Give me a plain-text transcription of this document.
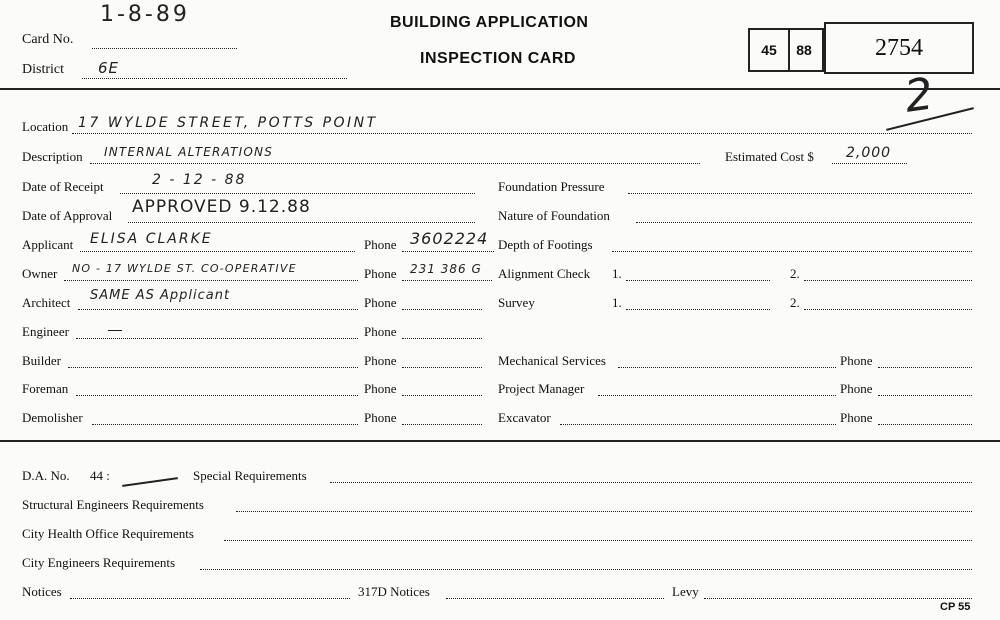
1-8-89
Card No.
District 6E
BUILDING APPLICATION
INSPECTION CARD	45 88	2754
2
Location 17 WYLDE STREET, POTTS POINT
Description INTERNAL ALTERATIONS	Estimated Cost $ 2,000
Date of Receipt	2 - 12 - 88	Foundation Pressure
Date of Approval APPROVED 9.12.88	Nature of Foundation
Applicant ELISA CLARKE	Phone 3602224 Depth of Footings
Owner NO - 17 WYLDE ST. CO-OPERATIVE	Phone 231 386 G Alignment Check 1.	2.
Architect SAME AS Applicant	Phone	Survey	1.	2.
Engineer	Phone
Builder	Phone	Mechanical Services	Phone
Foreman	Phone	Project Manager	Phone
Demolisher	Phone	Excavator	Phone
D.A. No. 44 :	Special Requirements
Structural Engineers Requirements
City Health Office Requirements
City Engineers Requirements
Notices	317D Notices	Levy
CP 55
